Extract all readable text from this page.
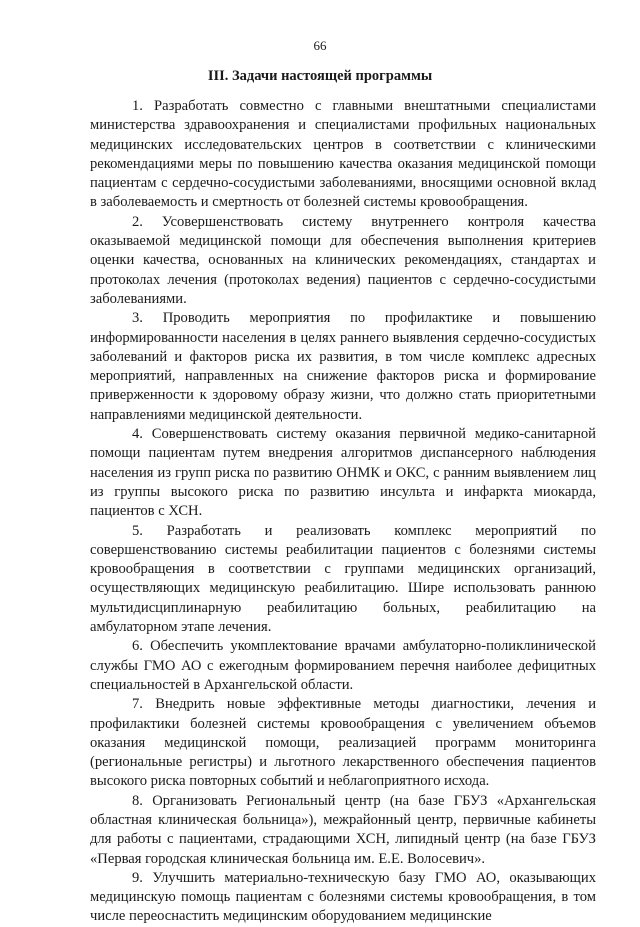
66
III. Задачи настоящей программы

1. Разработать совместно с главными внештатными специалистами министерства здравоохранения и специалистами профильных национальных медицинских исследовательских центров в соответствии с клиническими рекомендациями меры по повышению качества оказания медицинской помощи пациентам с сердечно-сосудистыми заболеваниями, вносящими основной вклад в заболеваемость и смертность от болезней системы кровообращения.

2. Усовершенствовать систему внутреннего контроля качества оказываемой медицинской помощи для обеспечения выполнения критериев оценки качества, основанных на клинических рекомендациях, стандартах и протоколах лечения (протоколах ведения) пациентов с сердечно-сосудистыми заболеваниями.

3. Проводить мероприятия по профилактике и повышению информированности населения в целях раннего выявления сердечно-сосудистых заболеваний и факторов риска их развития, в том числе комплекс адресных мероприятий, направленных на снижение факторов риска и формирование приверженности к здоровому образу жизни, что должно стать приоритетными направлениями медицинской деятельности.

4. Совершенствовать систему оказания первичной медико-санитарной помощи пациентам путем внедрения алгоритмов диспансерного наблюдения населения из групп риска по развитию ОНМК и ОКС, с ранним выявлением лиц из группы высокого риска по развитию инсульта и инфаркта миокарда, пациентов с ХСН.

5. Разработать и реализовать комплекс мероприятий по совершенствованию системы реабилитации пациентов с болезнями системы кровообращения в соответствии с группами медицинских организаций, осуществляющих медицинскую реабилитацию. Шире использовать раннюю мультидисциплинарную реабилитацию больных, реабилитацию на амбулаторном этапе лечения.

6. Обеспечить укомплектование врачами амбулаторно-поликлинической службы ГМО АО с ежегодным формированием перечня наиболее дефицитных специальностей в Архангельской области.

7. Внедрить новые эффективные методы диагностики, лечения и профилактики болезней системы кровообращения с увеличением объемов оказания медицинской помощи, реализацией программ мониторинга (региональные регистры) и льготного лекарственного обеспечения пациентов высокого риска повторных событий и неблагоприятного исхода.

8. Организовать Региональный центр (на базе ГБУЗ «Архангельская областная клиническая больница»), межрайонный центр, первичные кабинеты для работы с пациентами, страдающими ХСН, липидный центр (на базе ГБУЗ «Первая городская клиническая больница им. Е.Е. Волосевич».

9. Улучшить материально-техническую базу ГМО АО, оказывающих медицинскую помощь пациентам с болезнями системы кровообращения, в том числе переоснастить медицинским оборудованием медицинские
